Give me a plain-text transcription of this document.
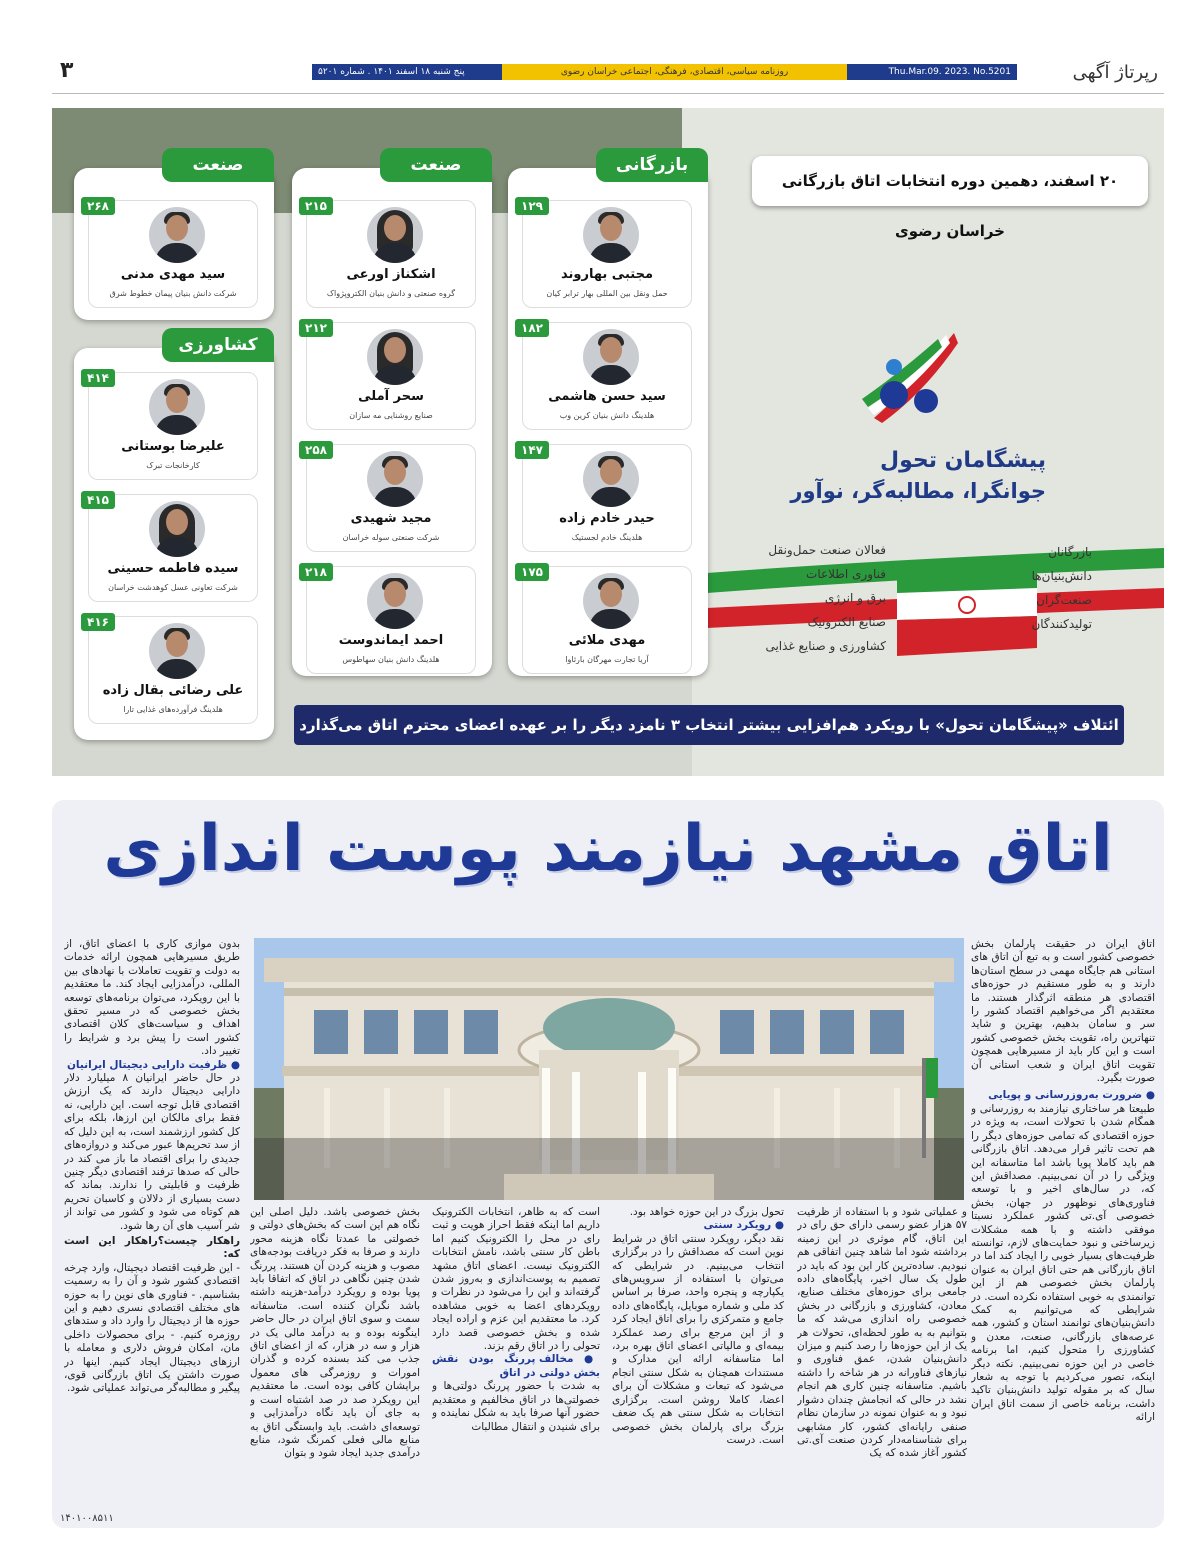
رپرتاژ آگهی
پنج شنبه ۱۸ اسفند ۱۴۰۱ . شماره ۵۲۰۱	روزنامه سیاسی، اقتصادی، فرهنگی، اجتماعی خراسان رضوی	Thu.Mar.09. 2023. No.5201
۳
۲۰ اسفند، دهمین دوره انتخابات اتاق بازرگانی خراسان رضوی
پیشگامان تحول
جوانگرا، مطالبه‌گر، نوآور
بازرگانان
دانش‌بنیان‌ها
صنعت‌گران
تولیدکنندگان
فعالان صنعت حمل‌ونقل
فناوری اطلاعات
برق و انرژی
صنایع الکترونیک
کشاورزی و صنایع غذایی
بازرگانی
۱۲۹
مجتبی بهاروند
حمل ونقل بین المللی بهار ترابر کیان
۱۸۲
سید حسن هاشمی
هلدینگ دانش بنیان کرین وب
۱۴۷
حیدر خادم زاده
هلدینگ خادم لجستیک
۱۷۵
مهدی ملائی
آریا تجارت مهرگان بارثاوا
صنعت
۲۱۵
اشکناز اورعی
گروه صنعتی و دانش بنیان الکتروپژواک
۲۱۲
سحر آملی
صنایع روشنایی مه سازان
۲۵۸
مجید شهیدی
شرکت صنعتی سوله خراسان
۲۱۸
احمد ایماندوست
هلدینگ دانش بنیان سهاطوس
صنعت
۲۶۸
سید مهدی مدنی
شرکت دانش بنیان پیمان خطوط شرق
کشاورزی
۴۱۴
علیرضا بوستانی
کارخانجات تبرک
۴۱۵
سیده فاطمه حسینی
شرکت تعاونی عسل کوهدشت خراسان
۴۱۶
علی رضائی بقال زاده
هلدینگ فرآورده‌های غذایی تارا
ائتلاف «پیشگامان تحول» با رویکرد هم‌افزایی بیشتر انتخاب ۳ نامزد دیگر را بر عهده اعضای محترم اتاق می‌گذارد
اتاق مشهد نیازمند پوست اندازی
اتاق ایران در حقیقت پارلمان بخش خصوصی کشور است و به تبع آن اتاق های استانی هم جایگاه مهمی در سطح استان‌ها دارند و به طور مستقیم در حوزه‌های اقتصادی هر منطقه اثرگذار هستند. ما معتقدیم اگر می‌خواهیم اقتصاد کشور را سر و سامان بدهیم، بهترین و شاید تنهاترین راه، تقویت بخش خصوصی کشور است و این کار باید از مسیرهایی همچون تقویت اتاق ایران و شعب استانی آن صورت بگیرد.
● ضرورت به‌روزرسانی و پویایی
طبیعتا هر ساختاری نیازمند به روزرسانی و همگام شدن با تحولات است، به ویژه در حوزه اقتصادی که تمامی حوزه‌های دیگر را هم تحت تاثیر قرار می‌دهد. اتاق بازرگانی هم باید کاملا پویا باشد اما متاسفانه این ویژگی را در آن نمی‌بینیم. مصداقش این که، در سال‌های اخیر و با توسعه فناوری‌های نوظهور در جهان، بخش خصوصی آی.تی کشور عملکرد نسبتا موفقی داشته و با همه مشکلات زیرساختی و نبود حمایت‌های لازم، توانسته ظرفیت‌های بسیار خوبی را ایجاد کند اما در اتاق بازرگانی هم حتی اتاق ایران به عنوان پارلمان بخش خصوصی هم از این توانمندی به خوبی استفاده نکرده است. در شرایطی که می‌توانیم به کمک دانش‌بنیان‌های توانمند استان و کشور، همه عرصه‌های بازرگانی، صنعت، معدن و کشاورزی را متحول کنیم، اما برنامه خاصی در این حوزه نمی‌بینیم. نکته دیگر اینکه، تصور می‌کردیم با توجه به شعار سال که بر مقوله تولید دانش‌بنیان تاکید داشت، برنامه خاصی از سمت اتاق ایران ارائه
و عملیاتی شود و با استفاده از ظرفیت ۵۷ هزار عضو رسمی دارای حق رای در این اتاق، گام موثری در این زمینه برداشته شود اما شاهد چنین اتفاقی هم نبودیم. ساده‌ترین کار این بود که باید در طول یک سال اخیر، پایگاه‌های داده جامعی برای حوزه‌های مختلف صنایع، معادن، کشاورزی و بازرگانی در بخش خصوصی راه اندازی می‌شد که ما بتوانیم به به طور لحظه‌ای، تحولات هر یک از این حوزه‌ها را رصد کنیم و میزان دانش‌بنیان شدن، عمق فناوری و نیازهای فناورانه در هر شاخه را داشته باشیم. متاسفانه چنین کاری هم انجام نشد در حالی که انجامش چندان دشوار نبود و به عنوان نمونه در سازمان نظام صنفی رایانه‌ای کشور، کار مشابهی برای شناسنامه‌دار کردن صنعت آی.تی کشور آغاز شده که یک
تحول بزرگ در این حوزه خواهد بود.
● رویکرد سنتی
نقد دیگر، رویکرد سنتی اتاق در شرایط نوین است که مصداقش را در برگزاری انتخاب می‌بینیم. در شرایطی که می‌توان با استفاده از سرویس‌های یکپارچه و پنجره واحد، صرفا بر اساس کد ملی و شماره موبایل، پایگاه‌های داده جامع و متمرکزی را برای اتاق ایجاد کرد و از این مرجع برای رصد عملکرد بیمه‌ای و مالیاتی اعضای اتاق بهره برد، اما متاسفانه ارائه این مدارک و مستندات همچنان به شکل سنتی انجام می‌شود که تبعات و مشکلات آن برای اعضا، کاملا روشن است. برگزاری انتخابات به شکل سنتی هم یک ضعف بزرگ برای پارلمان بخش خصوصی است. درست
است که به ظاهر، انتخابات الکترونیک داریم اما اینکه فقط احراز هویت و ثبت رای در محل را الکترونیک کنیم اما باطن کار سنتی باشد، نامش انتخابات الکترونیک نیست. اعضای اتاق مشهد تصمیم به پوست‌اندازی و به‌روز شدن گرفته‌اند و این را می‌شود در نظرات و رویکردهای اعضا به خوبی مشاهده کرد. ما معتقدیم این عزم و اراده ایجاد شده و بخش خصوصی قصد دارد تحولی را در اتاق رقم بزند.
● مخالف پررنگ بودن نقش بخش دولتی در اتاق
به شدت با حضور پررنگ دولتی‌ها و خصولتی‌ها در اتاق مخالفیم و معتقدیم حضور آنها صرفا باید به شکل نماینده و برای شنیدن و انتقال مطالبات
بخش خصوصی باشد. دلیل اصلی این نگاه هم این است که بخش‌های دولتی و خصولتی ما عمدتا نگاه هزینه محور دارند و صرفا به فکر دریافت بودجه‌های مصوب و هزینه کردن آن هستند. پررنگ شدن چنین نگاهی در اتاق که اتفاقا باید پویا بوده و رویکرد درآمد-هزینه داشته باشد نگران کننده است. متاسفانه سمت و سوی اتاق ایران در حال حاضر اینگونه بوده و به درآمد مالی یک در هزار و سه در هزار، که از اعضای اتاق جذب می کند بسنده کرده و گذران امورات و روزمرگی های معمول برایشان کافی بوده است. ما معتقدیم این رویکرد صد در صد اشتباه است و به جای آن باید نگاه درآمدزایی و توسعه‌ای داشت. باید وابستگی اتاق به منابع مالی فعلی کمرنگ شود، منابع درآمدی جدید ایجاد شود و بتوان
بدون موازی کاری با اعضای اتاق، از طریق مسیرهایی همچون ارائه خدمات به دولت و تقویت تعاملات با نهادهای بین المللی، درآمدزایی ایجاد کند. ما معتقدیم با این رویکرد، می‌توان برنامه‌های توسعه بخش خصوصی که در مسیر تحقق اهداف و سیاست‌های کلان اقتصادی کشور است را پیش برد و شرایط را تغییر داد.
● ظرفیت دارایی دیجیتال ایرانیان
در حال حاضر ایرانیان ۸ میلیارد دلار دارایی دیجیتال دارند که یک ارزش اقتصادی قابل توجه است. این دارایی، نه فقط برای مالکان این ارزها، بلکه برای کل کشور ارزشمند است، به این دلیل که از سد تحریم‌ها عبور می‌کند و دروازه‌های جدیدی را برای اقتصاد ما باز می کند در حالی که صدها ترفند اقتصادی دیگر چنین ظرفیت و قابلیتی را ندارند. بماند که دست بسیاری از دلالان و کاسبان تحریم هم کوتاه می شود و کشور می تواند از شر آسیب های آن رها شود.
راهکار چیست؟راهکار این است که:
- این ظرفیت اقتصاد دیجیتال، وارد چرخه اقتصادی کشور شود و آن را به رسمیت بشناسیم. - فناوری های نوین را به حوزه های مختلف اقتصادی نسری دهیم و این حوزه ها از دیجیتال را وارد داد و ستدهای روزمره کنیم. - برای محصولات داخلی مان، امکان فروش دلاری و معامله با ارزهای دیجیتال ایجاد کنیم. اینها در صورت داشتن یک اتاق بازرگانی قوی، پیگیر و مطالبه‌گر می‌تواند عملیاتی شود.
۱۴۰۱۰۰۸۵۱۱
